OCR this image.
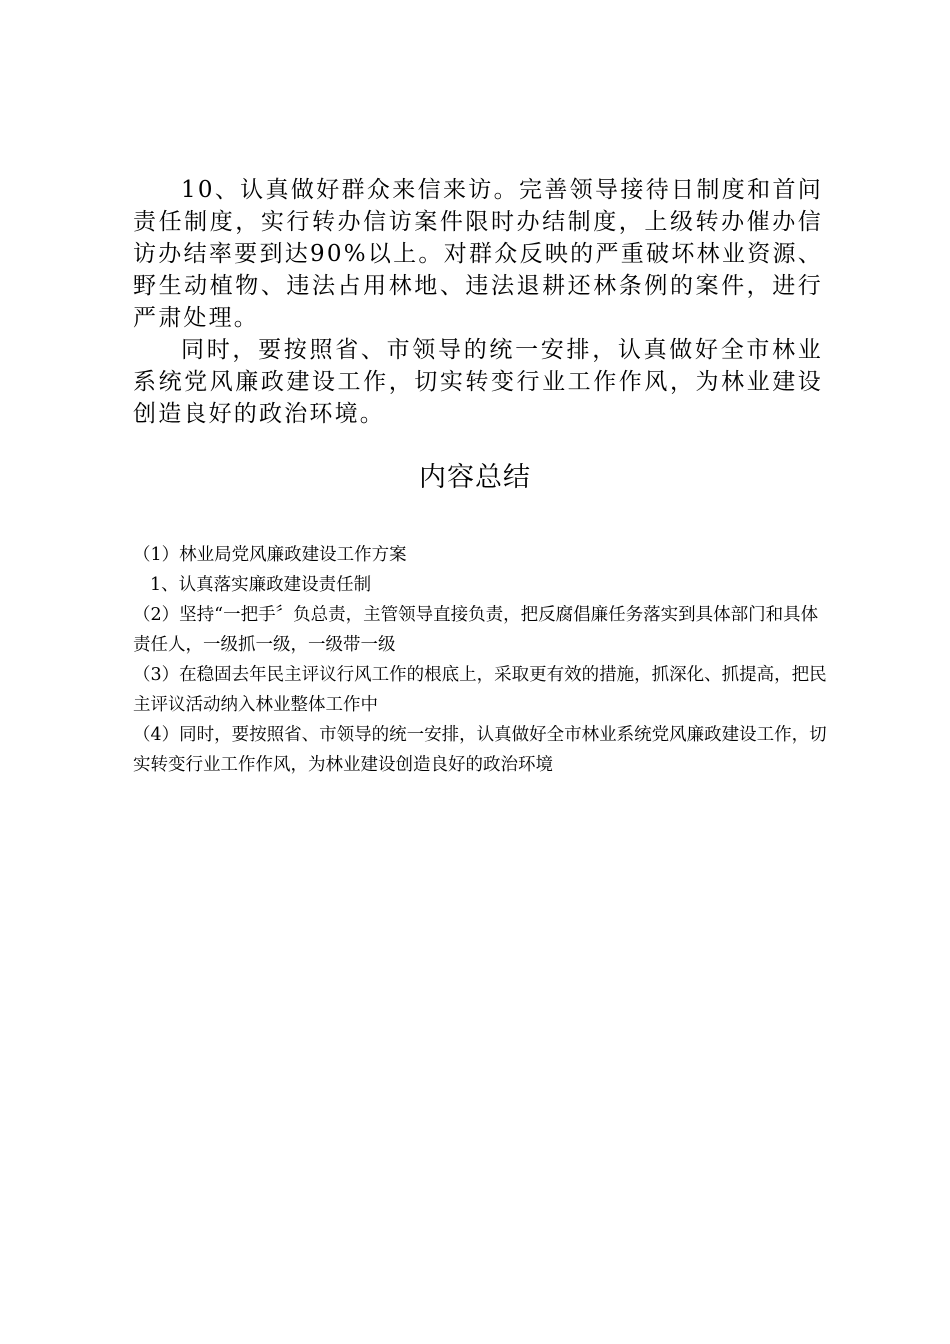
10、认真做好群众来信来访。完善领导接待日制度和首问责任制度，实行转办信访案件限时办结制度，上级转办催办信访办结率要到达90%以上。对群众反映的严重破坏林业资源、野生动植物、违法占用林地、违法退耕还林条例的案件，进行严肃处理。

同时，要按照省、市领导的统一安排，认真做好全市林业系统党风廉政建设工作，切实转变行业工作作风，为林业建设创造良好的政治环境。

内容总结
（1）林业局党风廉政建设工作方案
1、认真落实廉政建设责任制
（2）坚持“一把手〞负总责，主管领导直接负责，把反腐倡廉任务落实到具体部门和具体责任人，一级抓一级，一级带一级
（3）在稳固去年民主评议行风工作的根底上，采取更有效的措施，抓深化、抓提高，把民主评议活动纳入林业整体工作中
（4）同时，要按照省、市领导的统一安排，认真做好全市林业系统党风廉政建设工作，切实转变行业工作作风，为林业建设创造良好的政治环境
